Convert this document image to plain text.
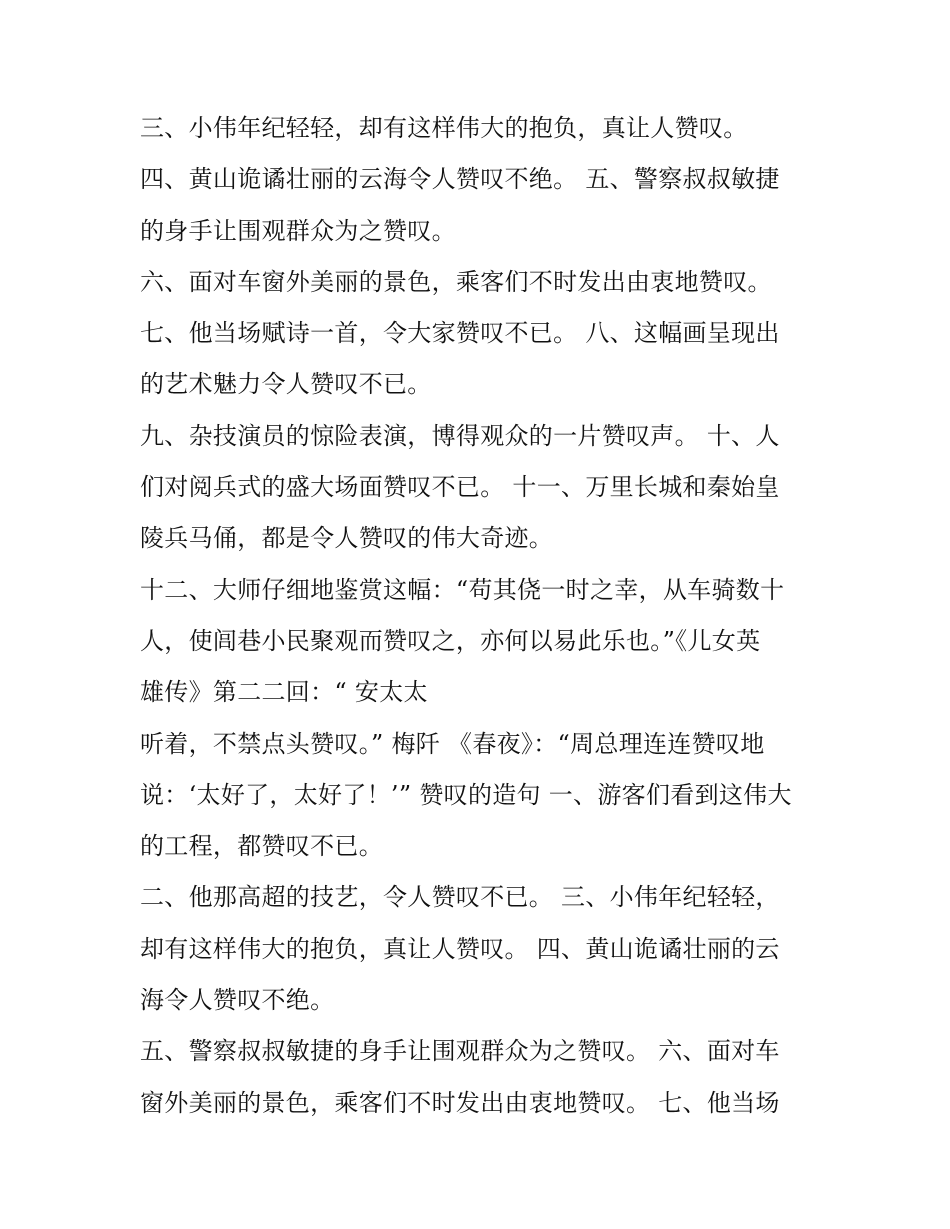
三、小伟年纪轻轻，却有这样伟大的抱负，真让人赞叹。
四、黄山诡谲壮丽的云海令人赞叹不绝。 五、警察叔叔敏捷
的身手让围观群众为之赞叹。
六、面对车窗外美丽的景色，乘客们不时发出由衷地赞叹。
七、他当场赋诗一首，令大家赞叹不已。 八、这幅画呈现出
的艺术魅力令人赞叹不已。
九、杂技演员的惊险表演，博得观众的一片赞叹声。 十、人
们对阅兵式的盛大场面赞叹不已。 十一、万里长城和秦始皇
陵兵马俑，都是令人赞叹的伟大奇迹。
十二、大师仔细地鉴赏这幅：“苟其侥一时之幸，从车骑数十
人，使闾巷小民聚观而赞叹之，亦何以易此乐也。”《儿女英
雄传》第二二回：“ 安太太
听着，不禁点头赞叹。” 梅阡 《春夜》：“周总理连连赞叹地
说：‘太好了，太好了！’” 赞叹的造句 一、游客们看到这伟大
的工程，都赞叹不已。
二、他那高超的技艺，令人赞叹不已。 三、小伟年纪轻轻，
却有这样伟大的抱负，真让人赞叹。 四、黄山诡谲壮丽的云
海令人赞叹不绝。
五、警察叔叔敏捷的身手让围观群众为之赞叹。 六、面对车
窗外美丽的景色，乘客们不时发出由衷地赞叹。 七、他当场
